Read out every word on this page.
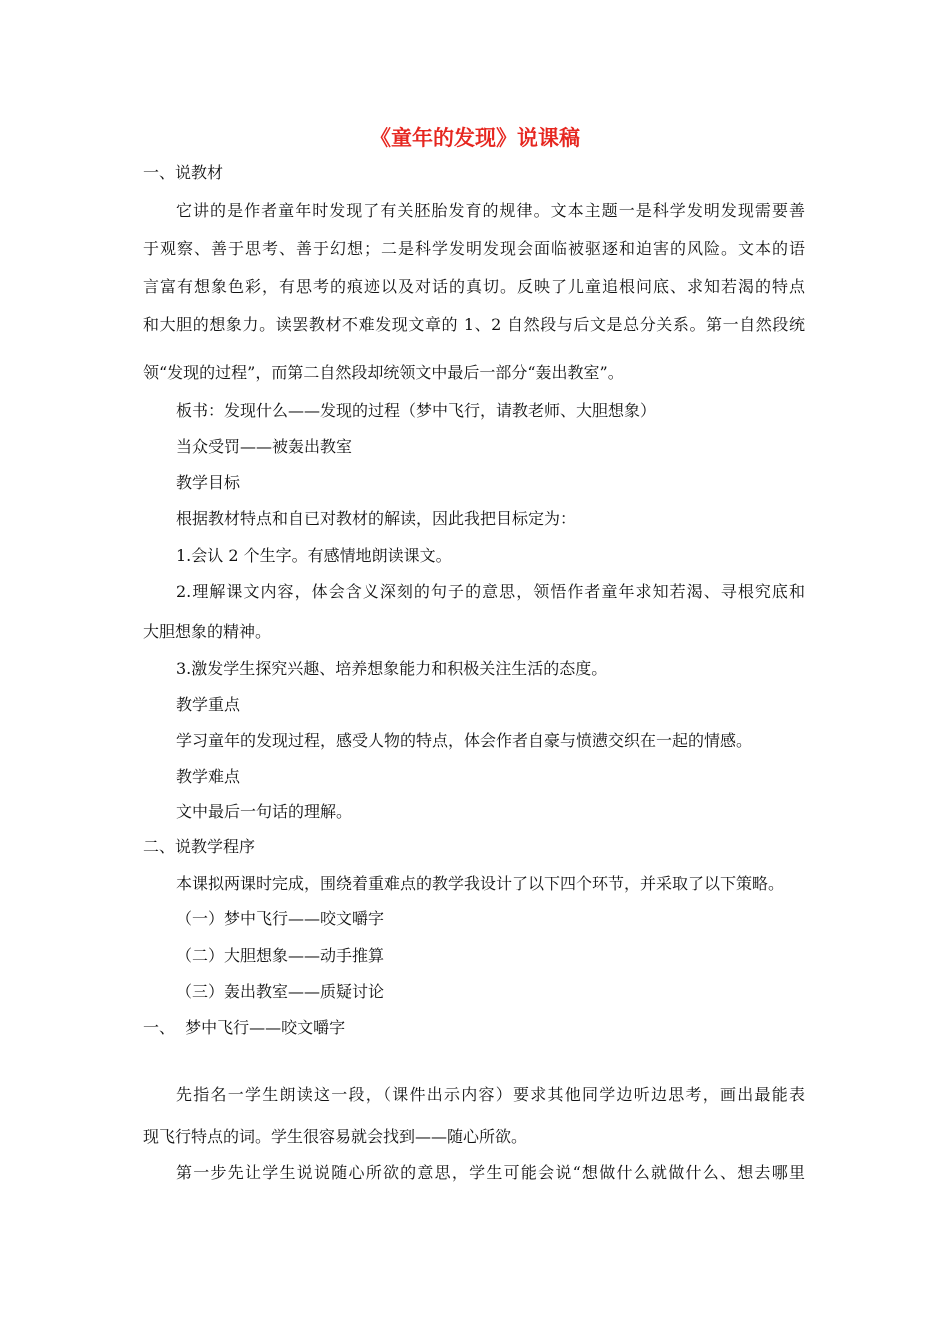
《童年的发现》说课稿
一、说教材
它讲的是作者童年时发现了有关胚胎发育的规律。文本主题一是科学发明发现需要善
于观察、善于思考、善于幻想；二是科学发明发现会面临被驱逐和迫害的风险。文本的语
言富有想象色彩，有思考的痕迹以及对话的真切。反映了儿童追根问底、求知若渴的特点
和大胆的想象力。读罢教材不难发现文章的 1、2 自然段与后文是总分关系。第一自然段统
领“发现的过程”，而第二自然段却统领文中最后一部分“轰出教室”。
板书：发现什么——发现的过程（梦中飞行，请教老师、大胆想象）
当众受罚——被轰出教室
教学目标
根据教材特点和自已对教材的解读，因此我把目标定为：
1.会认 2 个生字。有感情地朗读课文。
2.理解课文内容，体会含义深刻的句子的意思，领悟作者童年求知若渴、寻根究底和
大胆想象的精神。
3.激发学生探究兴趣、培养想象能力和积极关注生活的态度。
教学重点
学习童年的发现过程，感受人物的特点，体会作者自豪与愤懑交织在一起的情感。
教学难点
文中最后一句话的理解。
二、说教学程序
本课拟两课时完成，围绕着重难点的教学我设计了以下四个环节，并采取了以下策略。
（一）梦中飞行——咬文嚼字
（二）大胆想象——动手推算
（三）轰出教室——质疑讨论
一、  梦中飞行——咬文嚼字
先指名一学生朗读这一段，（课件出示内容）要求其他同学边听边思考，画出最能表
现飞行特点的词。学生很容易就会找到——随心所欲。
第一步先让学生说说随心所欲的意思，学生可能会说“想做什么就做什么、想去哪里
